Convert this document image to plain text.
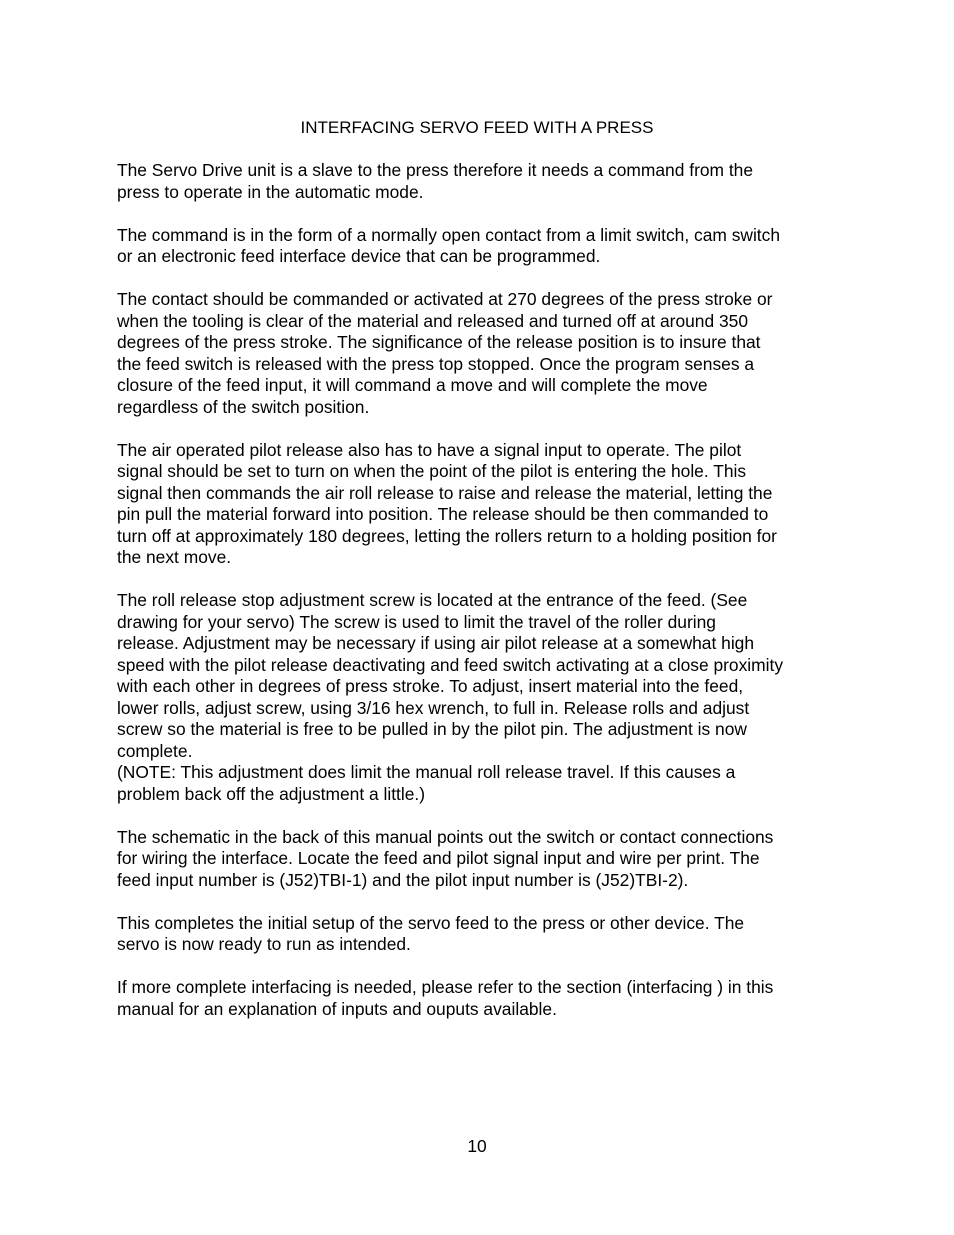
INTERFACING SERVO FEED WITH A PRESS

The Servo Drive unit is a slave to the press therefore it needs a command from the
press to operate in the automatic mode.

The command is in the form of a normally open contact from a limit switch, cam switch
or an electronic feed interface device that can be programmed.

The contact should be commanded or activated at 270 degrees of the press stroke or
when the tooling is clear of the material and released and turned off at around 350
degrees of the press stroke. The significance of the release position is to insure that
the feed switch is released with the press top stopped. Once the program senses a
closure of the feed input, it will command a move and will complete the move
regardless of the switch position.

The air operated pilot release also has to have a signal input to operate. The pilot
signal should be set to turn on when the point of the pilot is entering the hole. This
signal then commands the air roll release to raise and release the material, letting the
pin pull the material forward into position. The release should be then commanded to
turn off at approximately 180 degrees, letting the rollers return to a holding position for
the next move.

The roll release stop adjustment screw is located at the entrance of the feed. (See
drawing for your servo) The screw is used to limit the travel of the roller during
release. Adjustment may be necessary if using air pilot release at a somewhat high
speed with the pilot release deactivating and feed switch activating at a close proximity
with each other in degrees of press stroke. To adjust, insert material into the feed,
lower rolls, adjust screw, using 3/16 hex wrench, to full in. Release rolls and adjust
screw so the material is free to be pulled in by the pilot pin. The adjustment is now
complete.

(NOTE: This adjustment does limit the manual roll release travel. If this causes a
problem back off the adjustment a little.)

The schematic in the back of this manual points out the switch or contact connections
for wiring the interface. Locate the feed and pilot signal input and wire per print. The
feed input number is (J52)TBI-1) and the pilot input number is (J52)TBI-2).

This completes the initial setup of the servo feed to the press or other device. The
servo is now ready to run as intended.

If more complete interfacing is needed, please refer to the section (interfacing ) in this
manual for an explanation of inputs and ouputs available.

10
